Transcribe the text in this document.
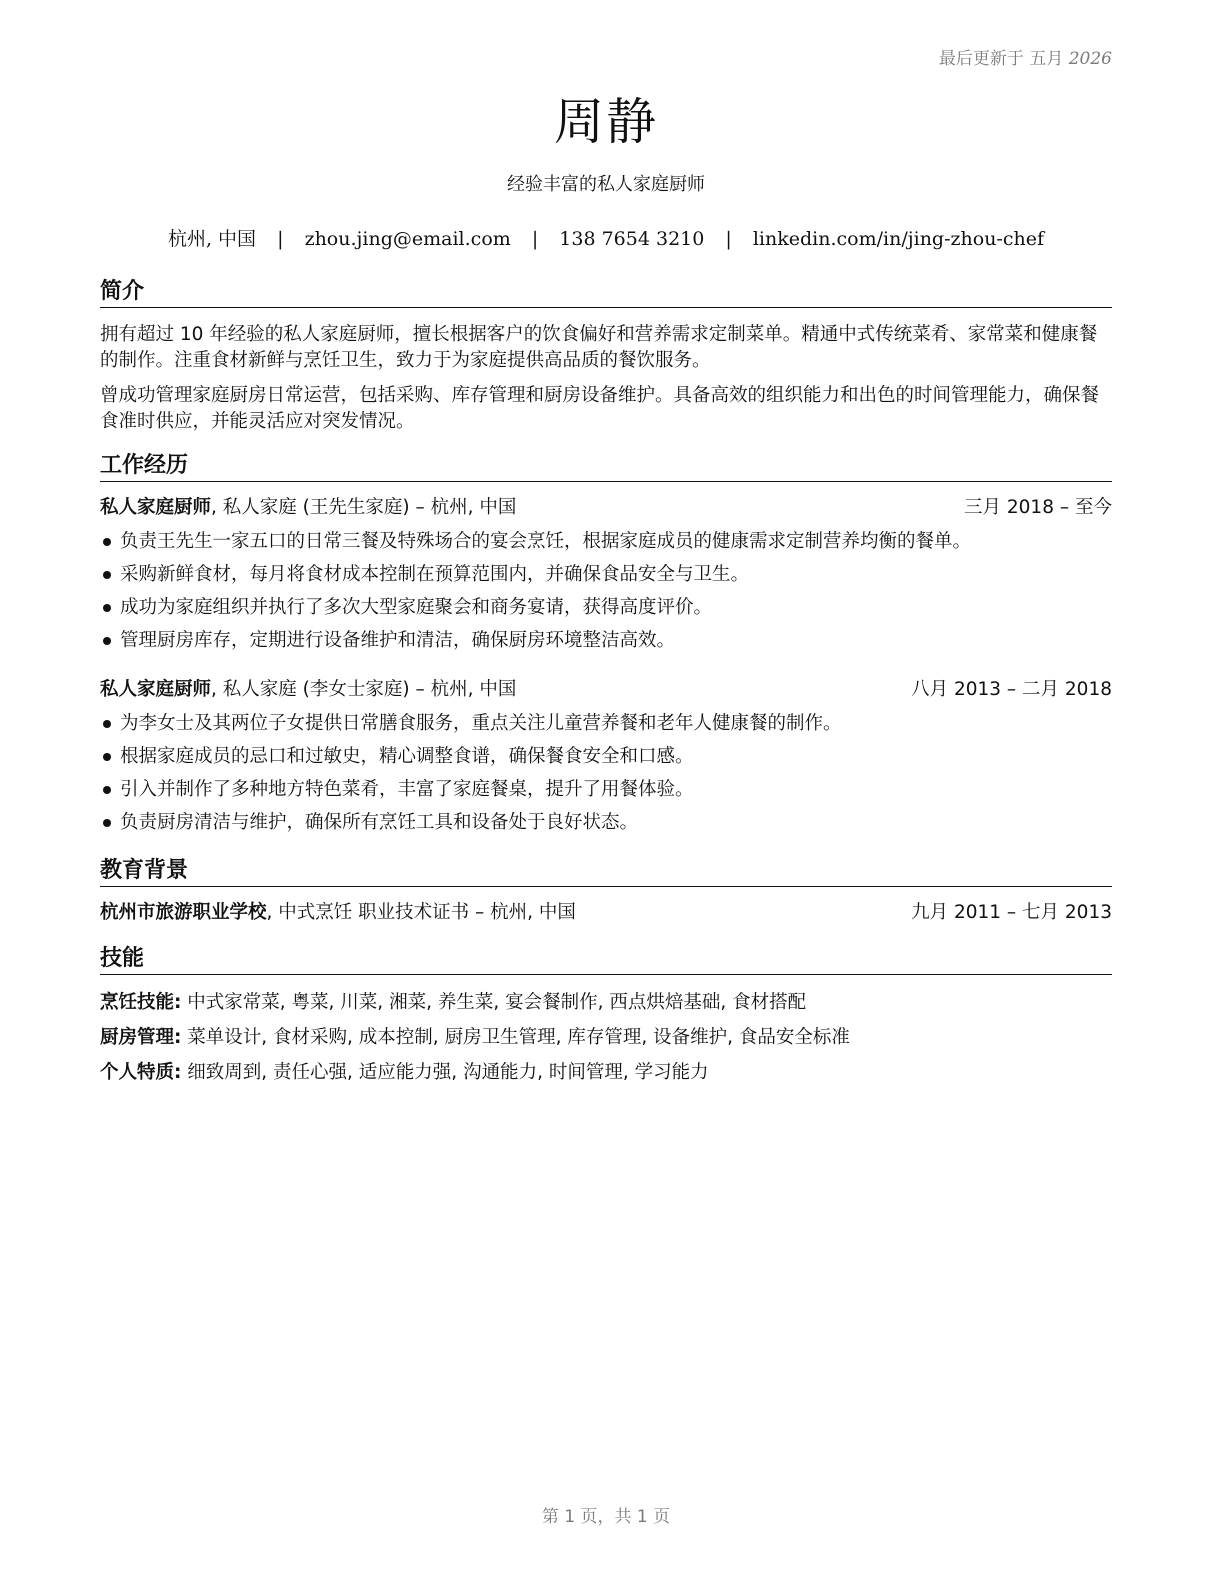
最后更新于 五月 2026
周静
经验丰富的私人家庭厨师
杭州, 中国 | zhou.jing@email.com | 138 7654 3210 | linkedin.com/in/jing-zhou-chef
简介
拥有超过 10 年经验的私人家庭厨师，擅长根据客户的饮食偏好和营养需求定制菜单。精通中式传统菜肴、家常菜和健康餐的制作。注重食材新鲜与烹饪卫生，致力于为家庭提供高品质的餐饮服务。
曾成功管理家庭厨房日常运营，包括采购、库存管理和厨房设备维护。具备高效的组织能力和出色的时间管理能力，确保餐食准时供应，并能灵活应对突发情况。
工作经历
私人家庭厨师, 私人家庭 (王先生家庭) – 杭州, 中国	三月 2018 – 至今
负责王先生一家五口的日常三餐及特殊场合的宴会烹饪，根据家庭成员的健康需求定制营养均衡的餐单。
采购新鲜食材，每月将食材成本控制在预算范围内，并确保食品安全与卫生。
成功为家庭组织并执行了多次大型家庭聚会和商务宴请，获得高度评价。
管理厨房库存，定期进行设备维护和清洁，确保厨房环境整洁高效。
私人家庭厨师, 私人家庭 (李女士家庭) – 杭州, 中国	八月 2013 – 二月 2018
为李女士及其两位子女提供日常膳食服务，重点关注儿童营养餐和老年人健康餐的制作。
根据家庭成员的忌口和过敏史，精心调整食谱，确保餐食安全和口感。
引入并制作了多种地方特色菜肴，丰富了家庭餐桌，提升了用餐体验。
负责厨房清洁与维护，确保所有烹饪工具和设备处于良好状态。
教育背景
杭州市旅游职业学校, 中式烹饪 职业技术证书 – 杭州, 中国	九月 2011 – 七月 2013
技能
烹饪技能: 中式家常菜, 粤菜, 川菜, 湘菜, 养生菜, 宴会餐制作, 西点烘焙基础, 食材搭配
厨房管理: 菜单设计, 食材采购, 成本控制, 厨房卫生管理, 库存管理, 设备维护, 食品安全标准
个人特质: 细致周到, 责任心强, 适应能力强, 沟通能力, 时间管理, 学习能力
第 1 页，共 1 页
